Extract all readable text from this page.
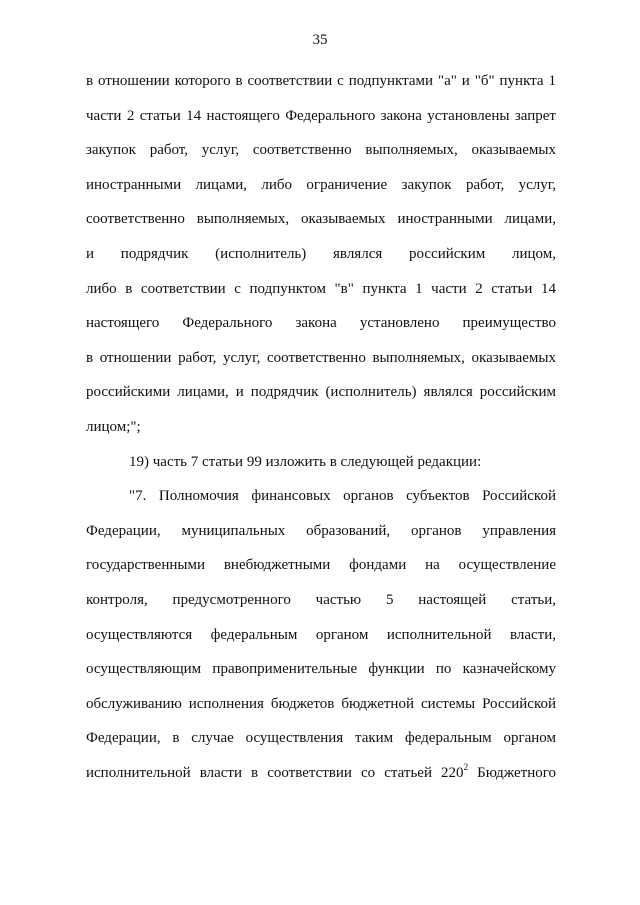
35
в отношении которого в соответствии с подпунктами "а" и "б" пункта 1
части 2 статьи 14 настоящего Федерального закона установлены запрет
закупок работ, услуг, соответственно выполняемых, оказываемых
иностранными лицами, либо ограничение закупок работ, услуг,
соответственно выполняемых, оказываемых иностранными лицами,
и подрядчик (исполнитель) являлся российским лицом,
либо в соответствии с подпунктом "в" пункта 1 части 2 статьи 14
настоящего Федерального закона установлено преимущество
в отношении работ, услуг, соответственно выполняемых, оказываемых
российскими лицами, и подрядчик (исполнитель) являлся российским
лицом;";
19) часть 7 статьи 99 изложить в следующей редакции:
"7. Полномочия финансовых органов субъектов Российской
Федерации, муниципальных образований, органов управления
государственными внебюджетными фондами на осуществление
контроля, предусмотренного частью 5 настоящей статьи,
осуществляются федеральным органом исполнительной власти,
осуществляющим правоприменительные функции по казначейскому
обслуживанию исполнения бюджетов бюджетной системы Российской
Федерации, в случае осуществления таким федеральным органом
исполнительной власти в соответствии со статьей $220^2$ Бюджетного
